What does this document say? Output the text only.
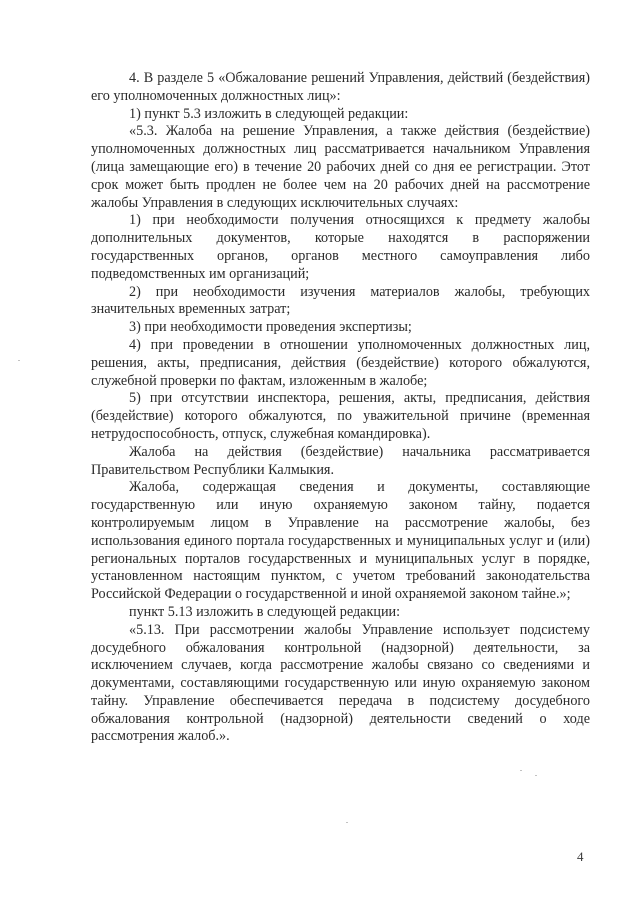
4. В разделе 5 «Обжалование решений Управления, действий (бездействия) его уполномоченных должностных лиц»:

1) пункт 5.3 изложить в следующей редакции:

«5.3. Жалоба на решение Управления, а также действия (бездействие) уполномоченных должностных лиц рассматривается начальником Управления (лица замещающие его) в течение 20 рабочих дней со дня ее регистрации. Этот срок может быть продлен не более чем на 20 рабочих дней на рассмотрение жалобы Управления в следующих исключительных случаях:

1) при необходимости получения относящихся к предмету жалобы дополнительных документов, которые находятся в распоряжении государственных органов, органов местного самоуправления либо подведомственных им организаций;

2) при необходимости изучения материалов жалобы, требующих значительных временных затрат;

3) при необходимости проведения экспертизы;

4) при проведении в отношении уполномоченных должностных лиц, решения, акты, предписания, действия (бездействие) которого обжалуются, служебной проверки по фактам, изложенным в жалобе;

5) при отсутствии инспектора, решения, акты, предписания, действия (бездействие) которого обжалуются, по уважительной причине (временная нетрудоспособность, отпуск, служебная командировка).

Жалоба на действия (бездействие) начальника рассматривается Правительством Республики Калмыкия.

Жалоба, содержащая сведения и документы, составляющие государственную или иную охраняемую законом тайну, подается контролируемым лицом в Управление на рассмотрение жалобы, без использования единого портала государственных и муниципальных услуг и (или) региональных порталов государственных и муниципальных услуг в порядке, установленном настоящим пунктом, с учетом требований законодательства Российской Федерации о государственной и иной охраняемой законом тайне.»;

пункт 5.13 изложить в следующей редакции:

«5.13. При рассмотрении жалобы Управление использует подсистему досудебного обжалования контрольной (надзорной) деятельности, за исключением случаев, когда рассмотрение жалобы связано со сведениями и документами, составляющими государственную или иную охраняемую законом тайну. Управление обеспечивается передача в подсистему досудебного обжалования контрольной (надзорной) деятельности сведений о ходе рассмотрения жалоб.».

4
